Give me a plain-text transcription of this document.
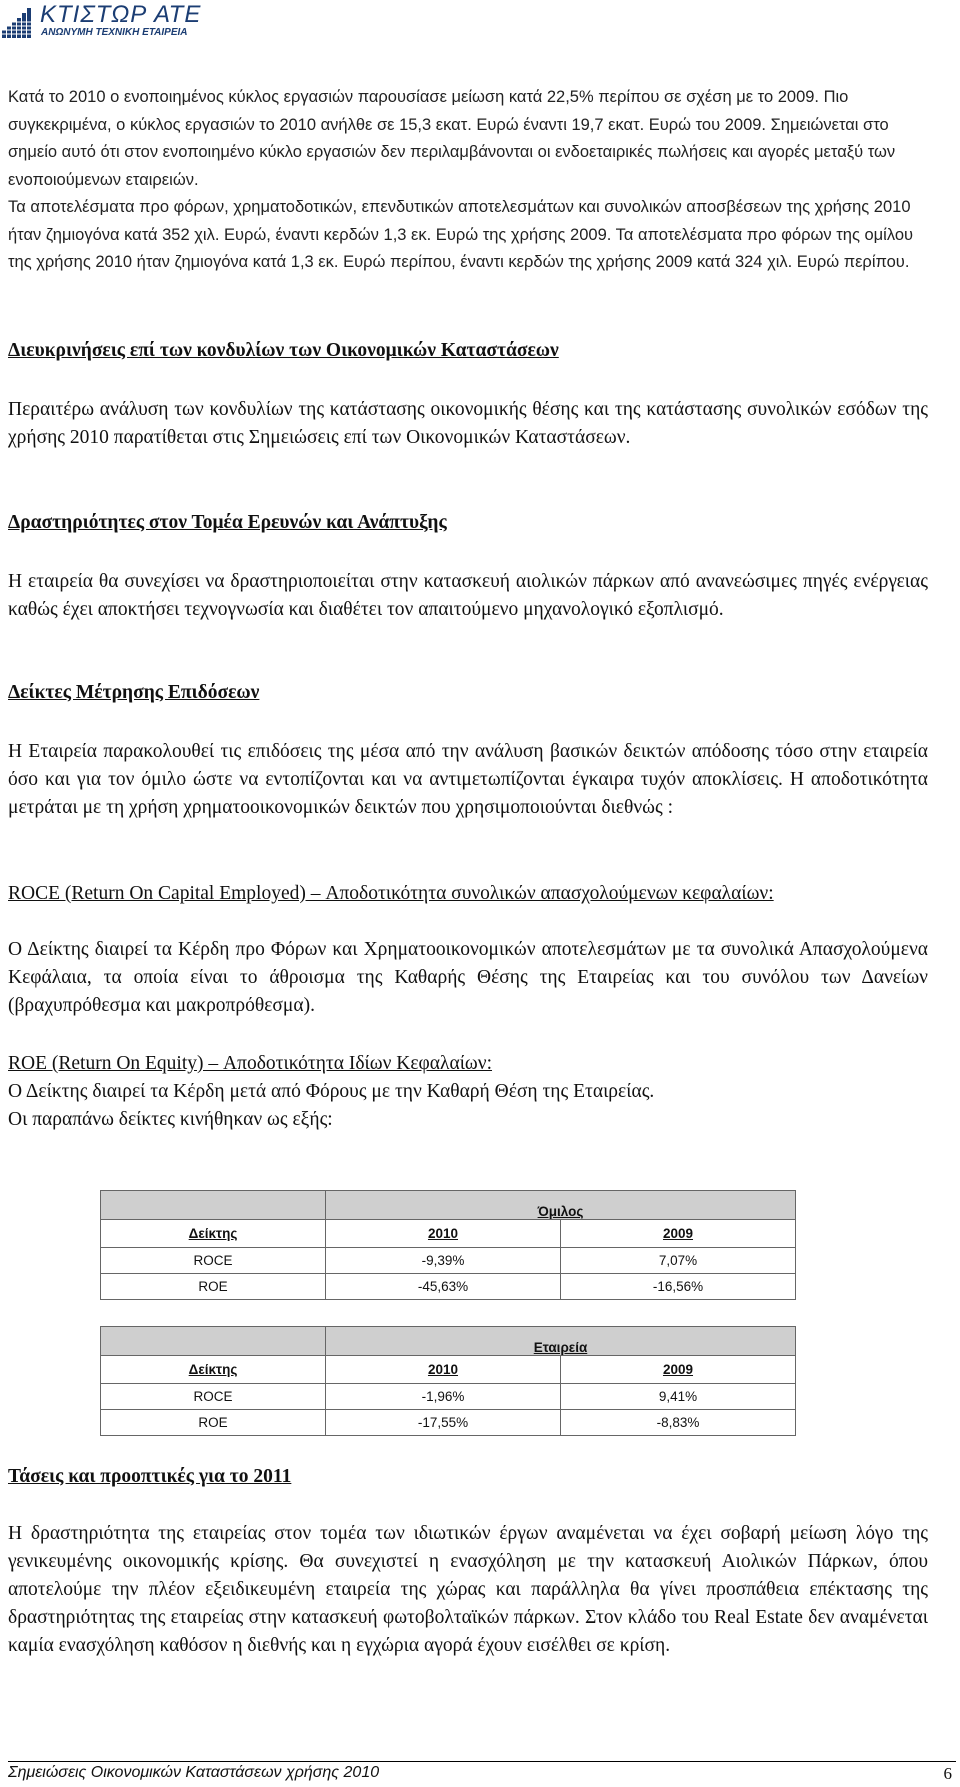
ΚΤΙΣΤΩΡ ΑΤΕ
ΑΝΩΝΥΜΗ ΤΕΧΝΙΚΗ ΕΤΑΙΡΕΙΑ
Κατά το 2010 ο ενοποιημένος κύκλος εργασιών παρουσίασε μείωση κατά 22,5% περίπου σε σχέση με το 2009. Πιο συγκεκριμένα, ο κύκλος εργασιών το 2010 ανήλθε σε 15,3 εκατ. Ευρώ έναντι 19,7 εκατ. Ευρώ του 2009. Σημειώνεται στο σημείο αυτό ότι στον ενοποιημένο κύκλο εργασιών δεν περιλαμβάνονται οι ενδοεταιρικές πωλήσεις και αγορές μεταξύ των ενοποιούμενων εταιρειών.
Τα αποτελέσματα προ φόρων, χρηματοδοτικών, επενδυτικών αποτελεσμάτων και συνολικών αποσβέσεων της χρήσης 2010 ήταν ζημιογόνα κατά 352 χιλ. Ευρώ, έναντι κερδών 1,3 εκ. Ευρώ της χρήσης 2009. Τα αποτελέσματα προ φόρων της ομίλου της χρήσης 2010 ήταν ζημιογόνα κατά 1,3 εκ. Ευρώ περίπου, έναντι κερδών της χρήσης 2009 κατά 324 χιλ. Ευρώ περίπου.
Διευκρινήσεις επί των κονδυλίων των Οικονομικών Καταστάσεων
Περαιτέρω ανάλυση των κονδυλίων της κατάστασης οικονομικής θέσης και της κατάστασης συνολικών εσόδων της χρήσης 2010 παρατίθεται στις Σημειώσεις επί των Οικονομικών Καταστάσεων.
Δραστηριότητες στον Τομέα Ερευνών και Ανάπτυξης
Η εταιρεία θα συνεχίσει να δραστηριοποιείται στην κατασκευή αιολικών πάρκων από ανανεώσιμες πηγές ενέργειας καθώς έχει αποκτήσει τεχνογνωσία και διαθέτει τον απαιτούμενο μηχανολογικό εξοπλισμό.
Δείκτες Μέτρησης Επιδόσεων
Η Εταιρεία παρακολουθεί τις επιδόσεις της μέσα από την ανάλυση βασικών δεικτών απόδοσης τόσο στην εταιρεία όσο και για τον όμιλο ώστε να εντοπίζονται και να αντιμετωπίζονται έγκαιρα τυχόν αποκλίσεις. Η αποδοτικότητα μετράται με τη χρήση χρηματοοικονομικών δεικτών που χρησιμοποιούνται διεθνώς :
ROCE (Return On Capital Employed) – Αποδοτικότητα συνολικών απασχολούμενων κεφαλαίων:
Ο Δείκτης διαιρεί τα Κέρδη προ Φόρων και Χρηματοοικονομικών αποτελεσμάτων με τα συνολικά Απασχολούμενα Κεφάλαια, τα οποία είναι το άθροισμα της Καθαρής Θέσης της Εταιρείας και του συνόλου των Δανείων (βραχυπρόθεσμα και μακροπρόθεσμα).
ROE (Return On Equity) – Αποδοτικότητα Ιδίων Κεφαλαίων:
Ο Δείκτης διαιρεί τα Κέρδη μετά από Φόρους με την Καθαρή Θέση της Εταιρείας.
Οι παραπάνω δείκτες κινήθηκαν ως εξής:
	Όμιλος	
Δείκτης	2010	2009
ROCE	-9,39%	7,07%
ROE	-45,63%	-16,56%
	Εταιρεία	
Δείκτης	2010	2009
ROCE	-1,96%	9,41%
ROE	-17,55%	-8,83%
Τάσεις και προοπτικές για το 2011
Η δραστηριότητα της εταιρείας στον τομέα των ιδιωτικών έργων αναμένεται να έχει σοβαρή μείωση λόγο της γενικευμένης οικονομικής κρίσης. Θα συνεχιστεί η ενασχόληση με την κατασκευή Αιολικών Πάρκων, όπου αποτελούμε την πλέον εξειδικευμένη εταιρεία της χώρας και παράλληλα θα γίνει προσπάθεια επέκτασης της δραστηριότητας της εταιρείας στην κατασκευή φωτοβολταϊκών πάρκων. Στον κλάδο του Real Estate δεν αναμένεται καμία ενασχόληση καθόσον η διεθνής και η εγχώρια αγορά έχουν εισέλθει σε κρίση.
Σημειώσεις Οικονομικών Καταστάσεων χρήσης 2010	6
